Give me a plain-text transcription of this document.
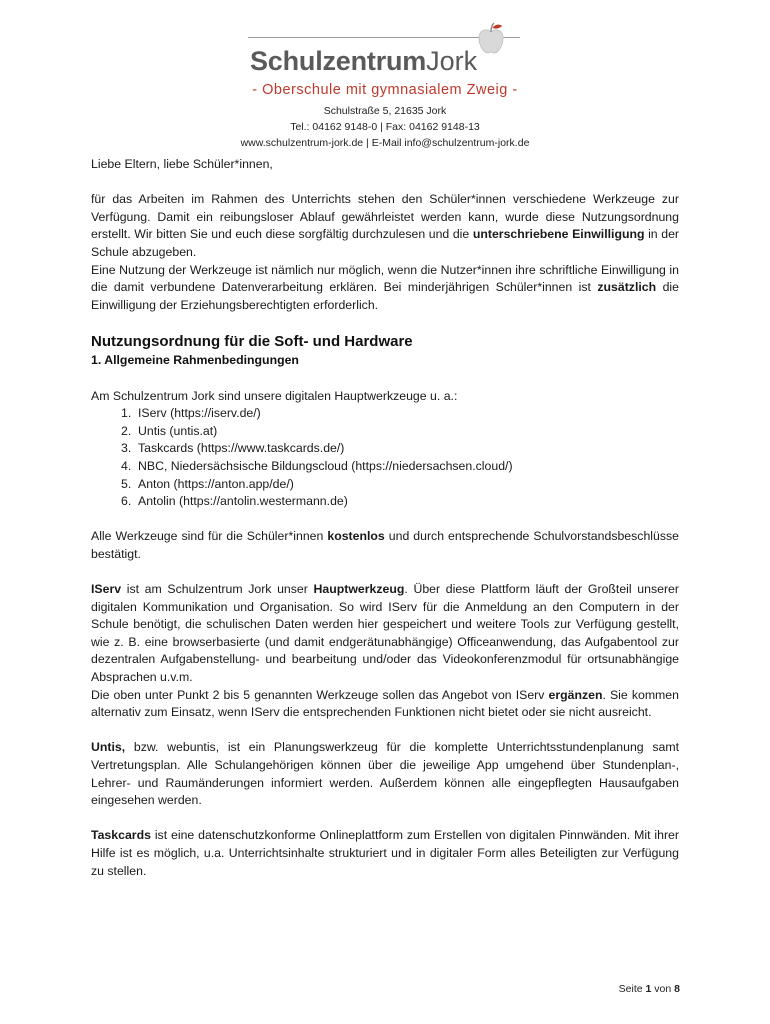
SchulzentrumJork
- Oberschule mit gymnasialem Zweig -
Schulstraße 5, 21635 Jork
Tel.: 04162 9148-0 | Fax: 04162 9148-13
www.schulzentrum-jork.de | E-Mail info@schulzentrum-jork.de

Liebe Eltern, liebe Schüler*innen,

für das Arbeiten im Rahmen des Unterrichts stehen den Schüler*innen verschiedene Werkzeuge zur Verfügung. Damit ein reibungsloser Ablauf gewährleistet werden kann, wurde diese Nutzungsordnung erstellt. Wir bitten Sie und euch diese sorgfältig durchzulesen und die unterschriebene Einwilligung in der Schule abzugeben.

Eine Nutzung der Werkzeuge ist nämlich nur möglich, wenn die Nutzer*innen ihre schriftliche Einwilligung in die damit verbundene Datenverarbeitung erklären. Bei minderjährigen Schüler*innen ist zusätzlich die Einwilligung der Erziehungsberechtigten erforderlich.

Nutzungsordnung für die Soft- und Hardware
1. Allgemeine Rahmenbedingungen

Am Schulzentrum Jork sind unsere digitalen Hauptwerkzeuge u. a.:

1. IServ (https://iserv.de/)
2. Untis (untis.at)
3. Taskcards (https://www.taskcards.de/)
4. NBC, Niedersächsische Bildungscloud (https://niedersachsen.cloud/)
5. Anton (https://anton.app/de/)
6. Antolin (https://antolin.westermann.de)

Alle Werkzeuge sind für die Schüler*innen kostenlos und durch entsprechende Schulvorstandsbeschlüsse bestätigt.

IServ ist am Schulzentrum Jork unser Hauptwerkzeug. Über diese Plattform läuft der Großteil unserer digitalen Kommunikation und Organisation. So wird IServ für die Anmeldung an den Computern in der Schule benötigt, die schulischen Daten werden hier gespeichert und weitere Tools zur Verfügung gestellt, wie z. B. eine browserbasierte (und damit endgerätunabhängige) Officeanwendung, das Aufgabentool zur dezentralen Aufgabenstellung- und bearbeitung und/oder das Videokonferenzmodul für ortsunabhängige Absprachen u.v.m.

Die oben unter Punkt 2 bis 5 genannten Werkzeuge sollen das Angebot von IServ ergänzen. Sie kommen alternativ zum Einsatz, wenn IServ die entsprechenden Funktionen nicht bietet oder sie nicht ausreicht.

Untis, bzw. webuntis, ist ein Planungswerkzeug für die komplette Unterrichtsstundenplanung samt Vertretungsplan. Alle Schulangehörigen können über die jeweilige App umgehend über Stundenplan-, Lehrer- und Raumänderungen informiert werden. Außerdem können alle eingepflegten Hausaufgaben eingesehen werden.

Taskcards ist eine datenschutzkonforme Onlineplattform zum Erstellen von digitalen Pinnwänden. Mit ihrer Hilfe ist es möglich, u.a. Unterrichtsinhalte strukturiert und in digitaler Form alles Beteiligten zur Verfügung zu stellen.

Seite 1 von 8
